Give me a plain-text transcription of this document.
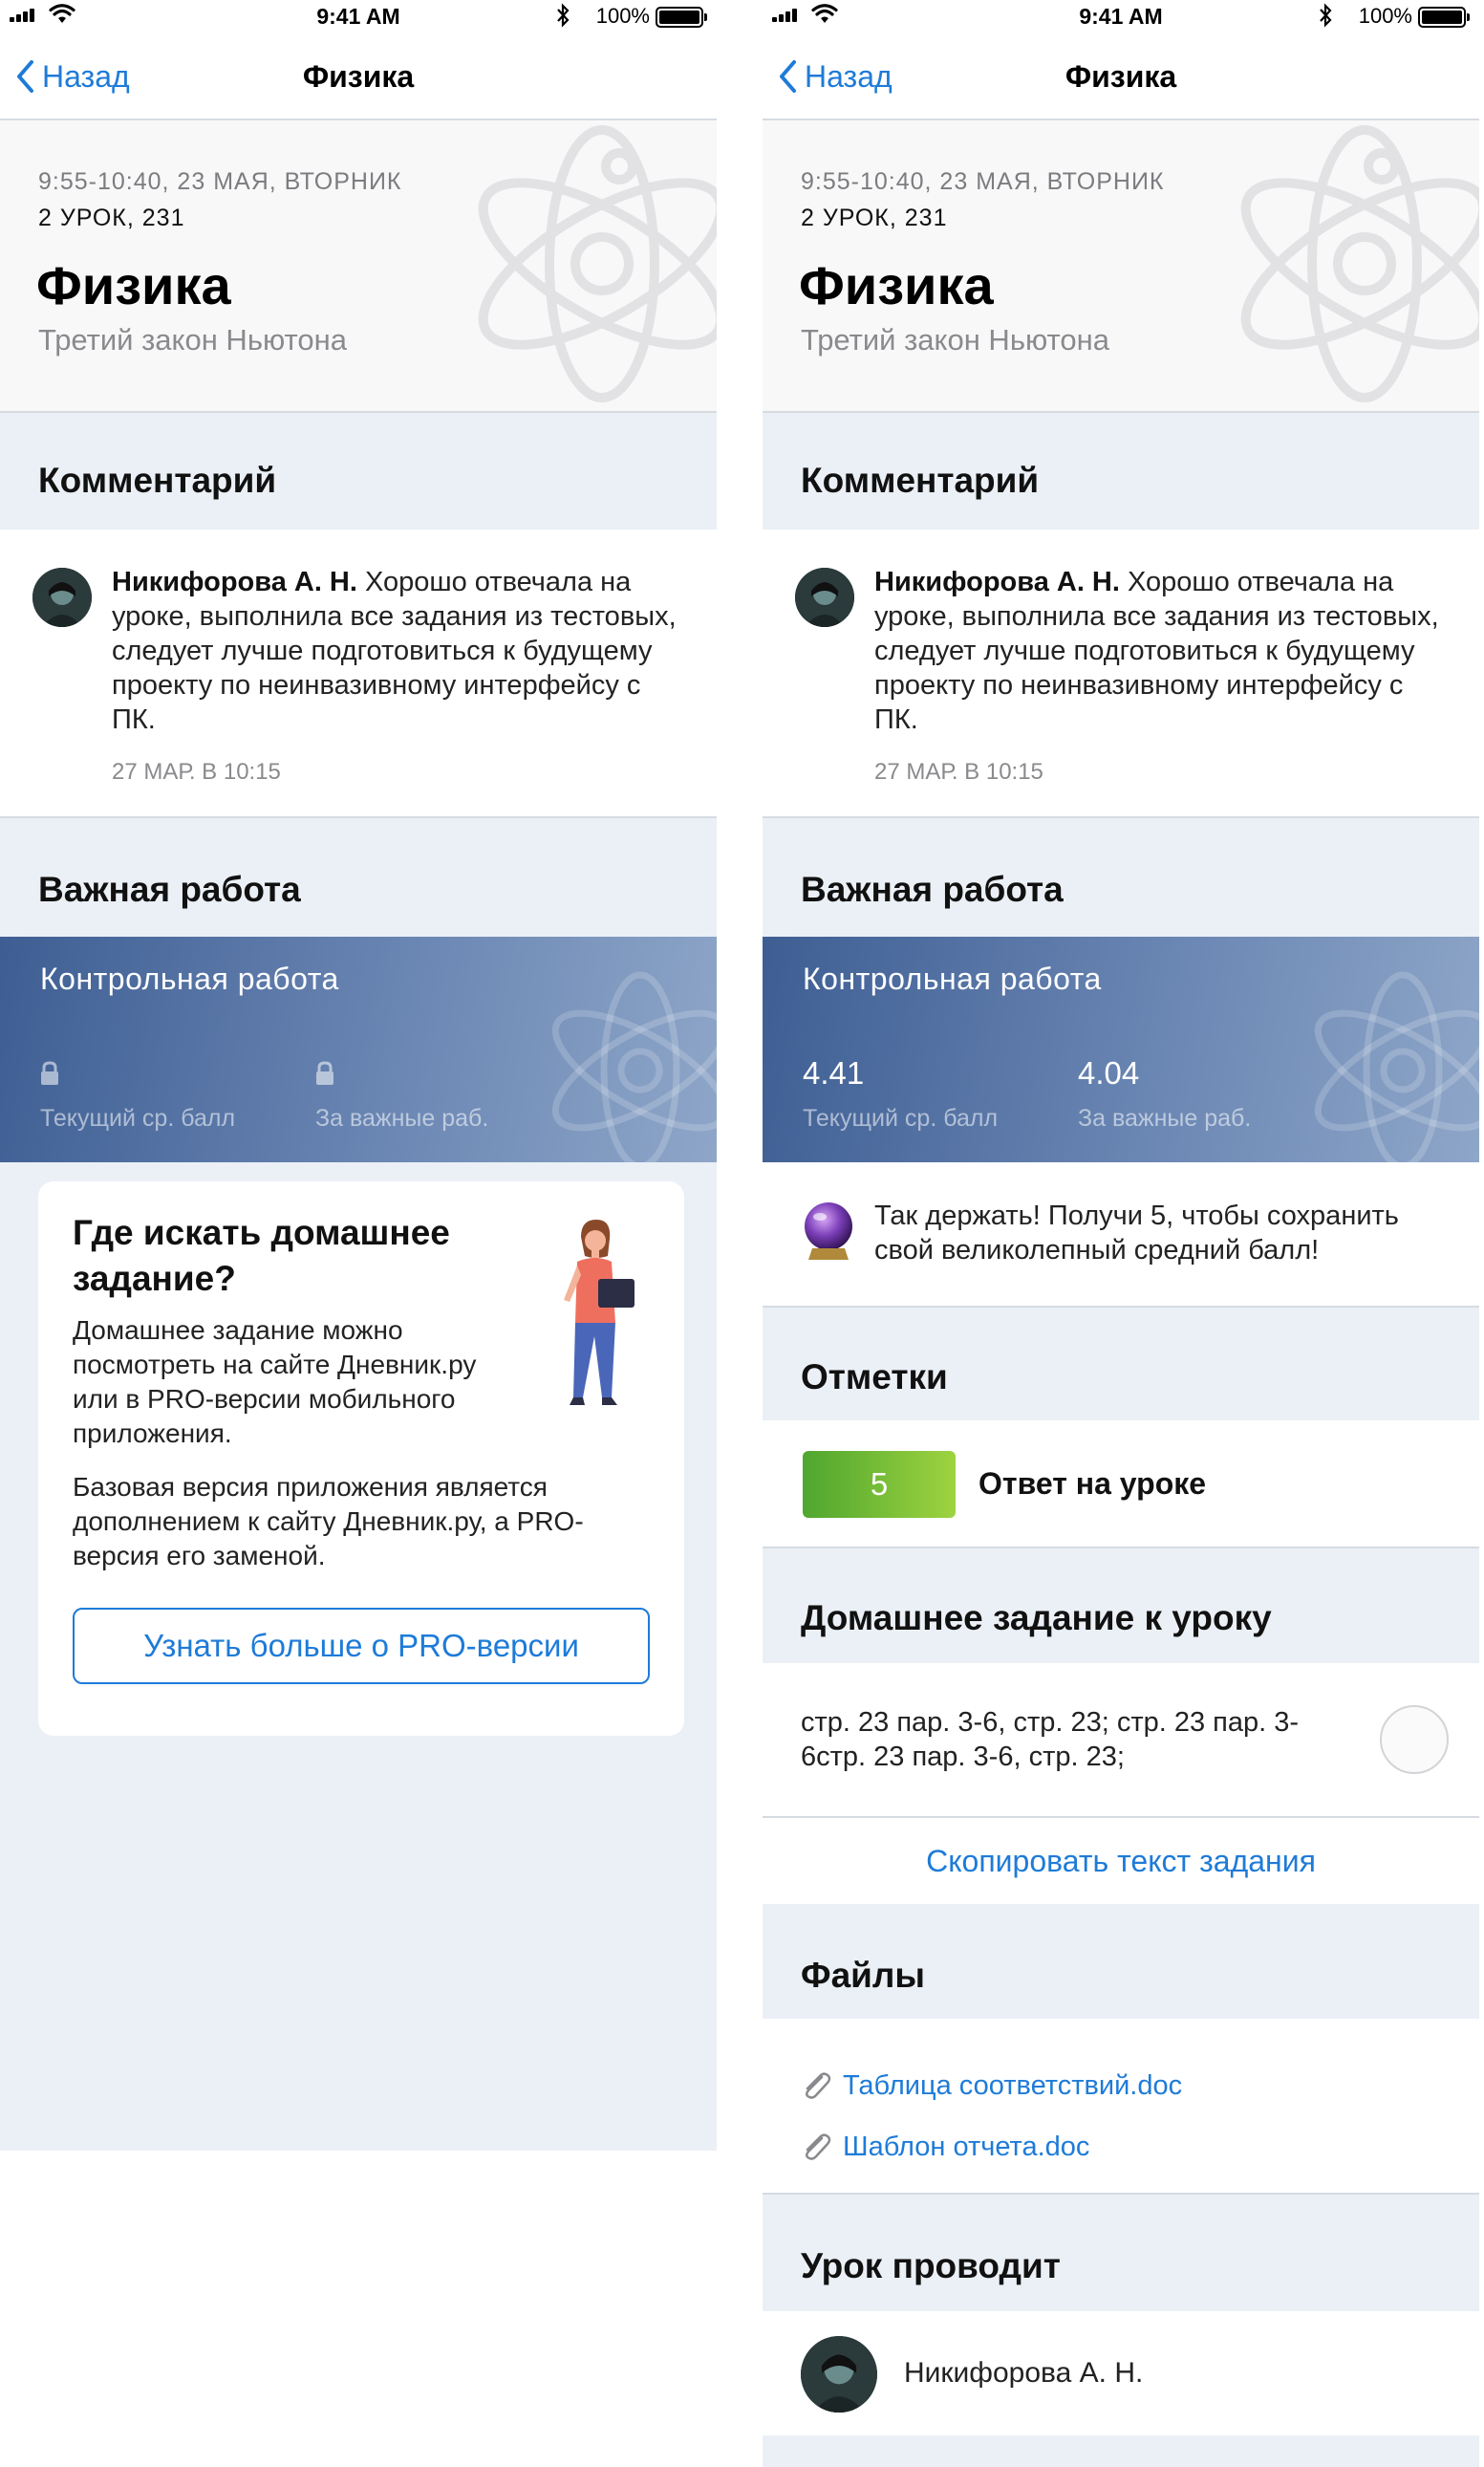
9:41 AM	100%
Назад	Физика
9:55-10:40, 23 МАЯ, ВТОРНИК
2 УРОК, 231
Физика
Третий закон Ньютона
Комментарий
Никифорова А. Н. Хорошо отвечала на уроке, выполнила все задания из тестовых, следует лучше подготовиться к будущему проекту по неинвазивному интерфейсу с ПК.
27 МАР. В 10:15
Важная работа
Контрольная работа
Текущий ср. балл	За важные раб.
Где искать домашнее задание?
Домашнее задание можно посмотреть на сайте Дневник.ру или в PRO-версии мобильного приложения.
Базовая версия приложения является дополнением к сайту Дневник.ру, а PRO-версия его заменой.
Узнать больше о PRO-версии
9:41 AM	100%
Назад	Физика
9:55-10:40, 23 МАЯ, ВТОРНИК
2 УРОК, 231
Физика
Третий закон Ньютона
Комментарий
Никифорова А. Н. Хорошо отвечала на уроке, выполнила все задания из тестовых, следует лучше подготовиться к будущему проекту по неинвазивному интерфейсу с ПК.
27 МАР. В 10:15
Важная работа
Контрольная работа
4.41	4.04
Текущий ср. балл	За важные раб.
Так держать! Получи 5, чтобы сохранить свой великолепный средний балл!
Отметки
5	Ответ на уроке
Домашнее задание к уроку
стр. 23 пар. 3-6, стр. 23; стр. 23 пар. 3-6стр. 23 пар. 3-6, стр. 23;
Скопировать текст задания
Файлы
Таблица соответствий.doc
Шаблон отчета.doc
Урок проводит
Никифорова А. Н.
